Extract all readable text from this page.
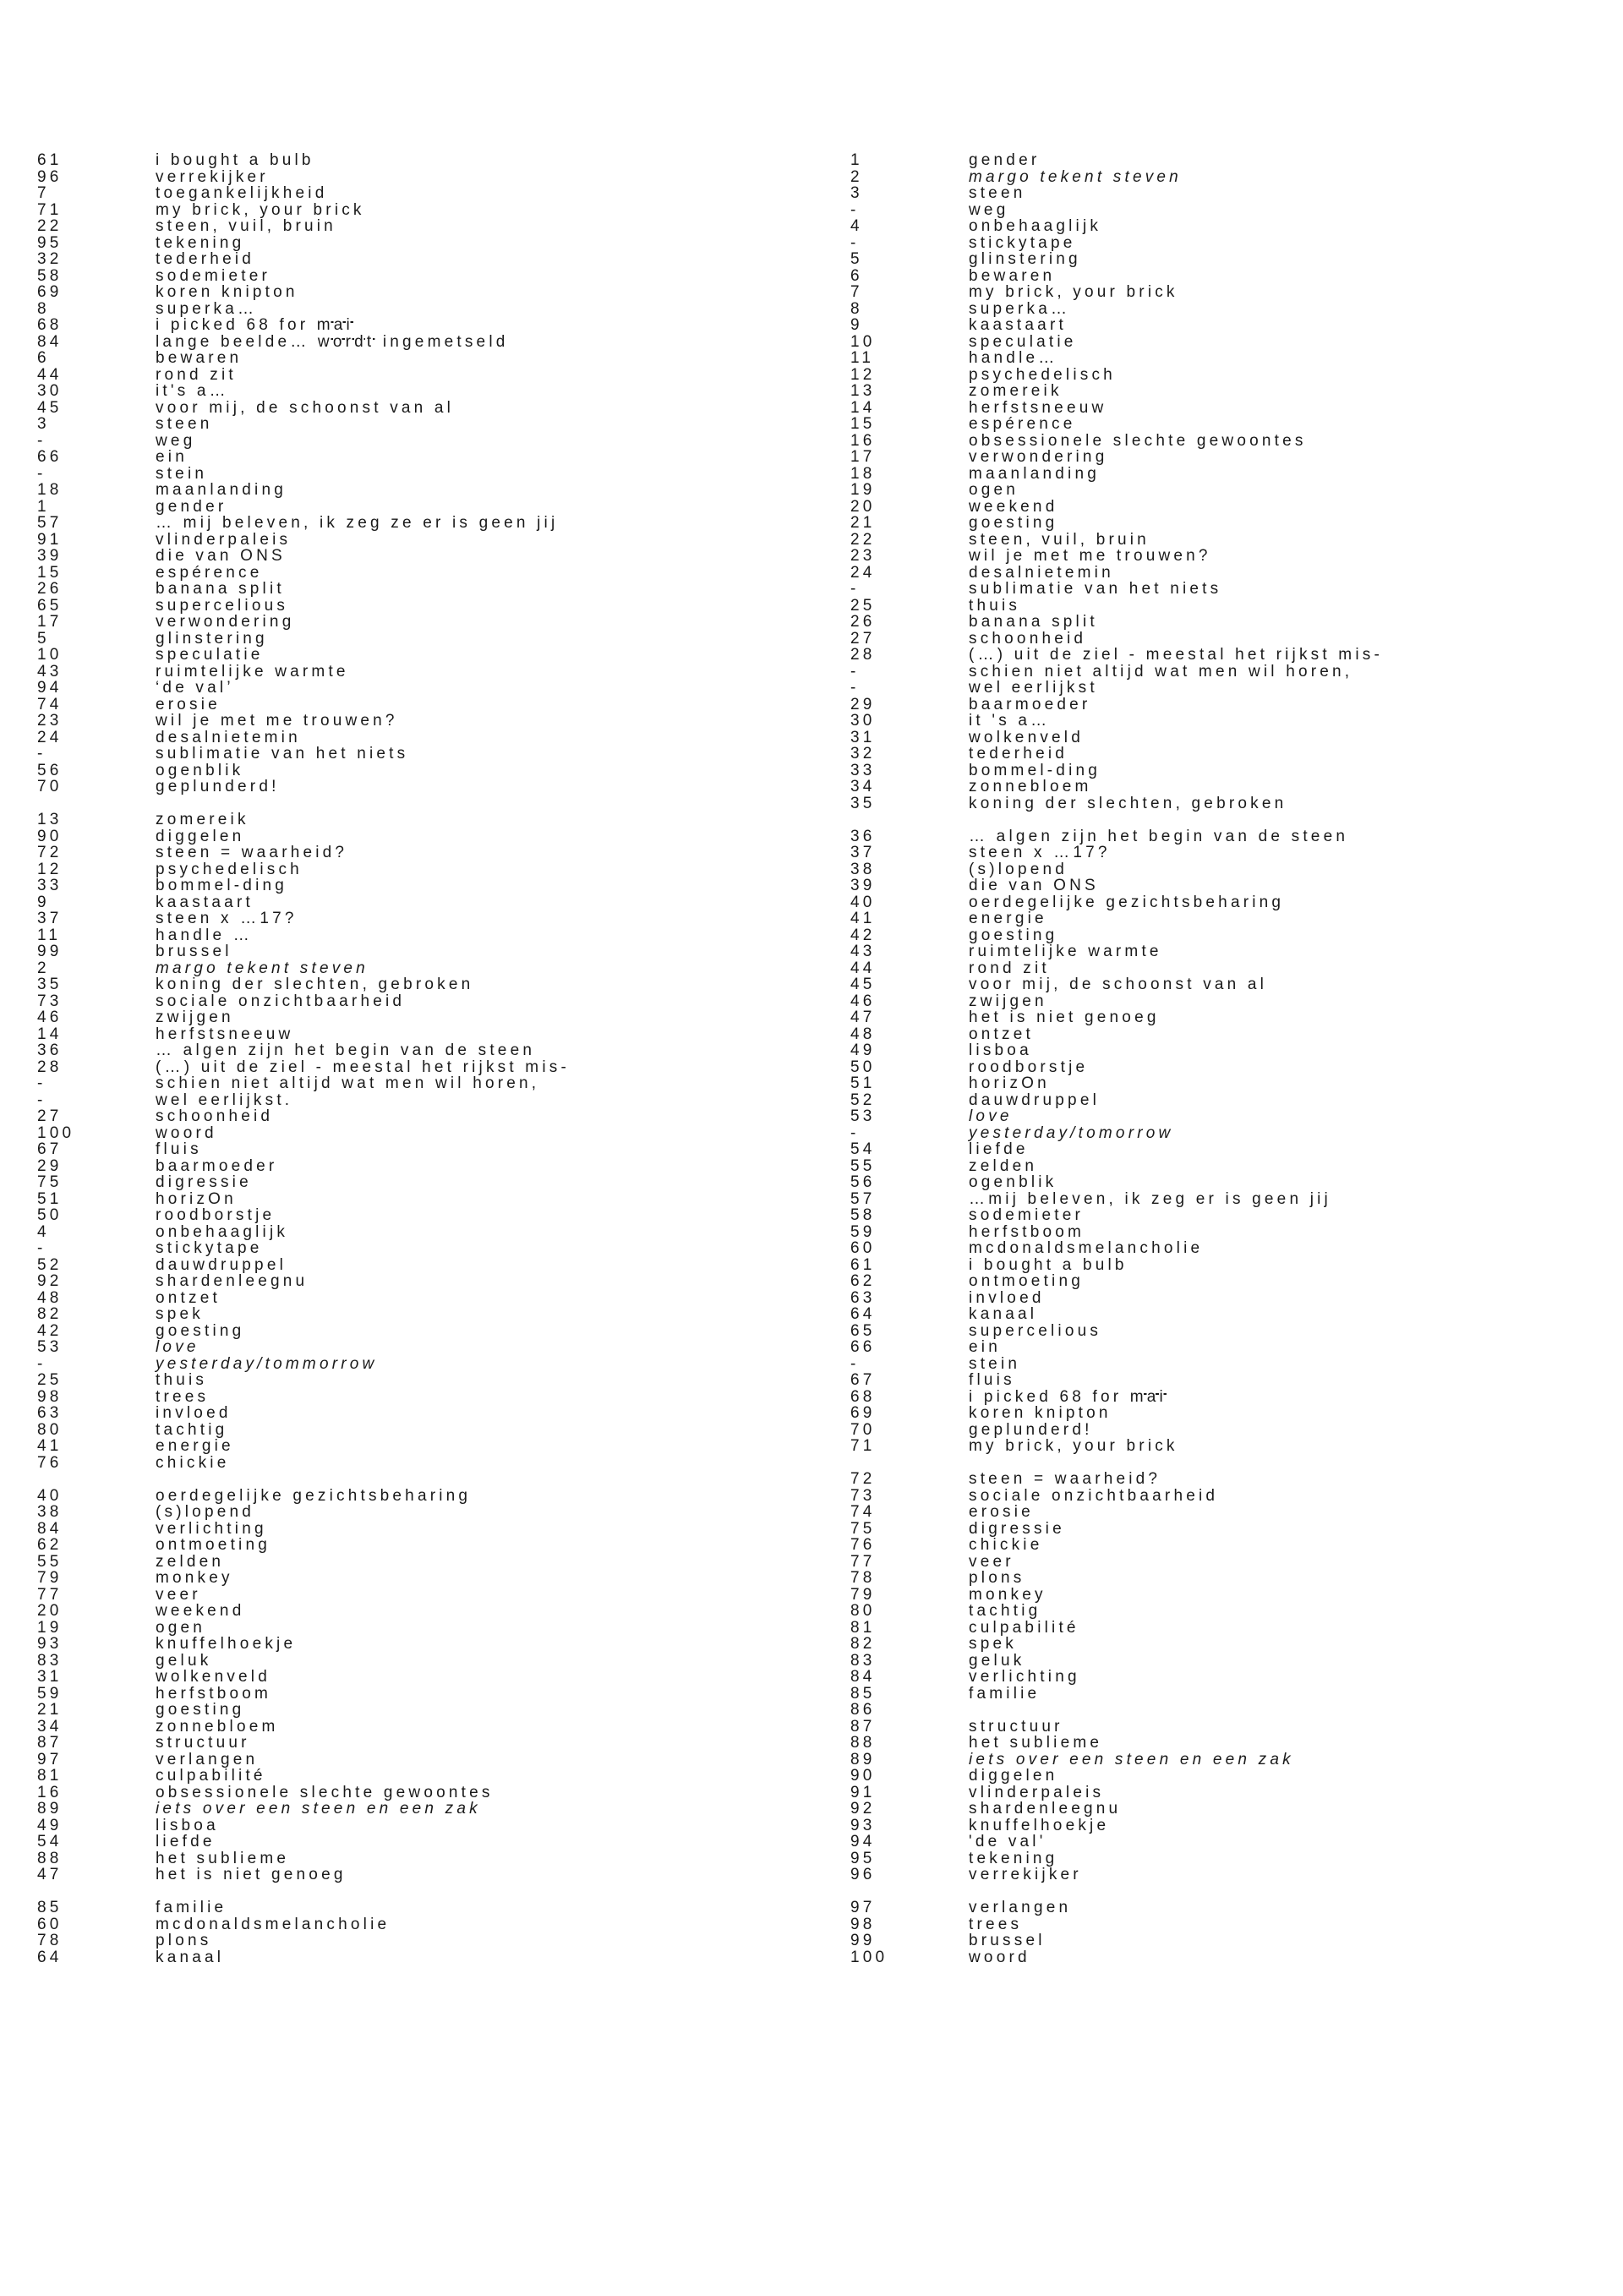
61	i bought a bulb
96	verrekijker
7	toegankelijkheid
71	my brick, your brick
22	steen, vuil, bruin
95	tekening
32	tederheid
58	sodemieter
69	koren knipton
8	superka…
68	i picked 68 for mai
84	lange beelde… wordt ingemetseld
6	bewaren
44	rond zit
30	it's a…
45	voor mij, de schoonst van al
3	steen
-	weg
66	ein
-	stein
18	maanlanding
1	gender
57	… mij beleven, ik zeg ze er is geen jij
91	vlinderpaleis
39	die van ONS
15	espérence
26	banana split
65	supercelious
17	verwondering
5	glinstering
10	speculatie
43	ruimtelijke warmte
94	‘de val’
74	erosie
23	wil je met me trouwen?
24	desalnietemin
-	sublimatie van het niets
56	ogenblik
70	geplunderd!
13	zomereik
90	diggelen
72	steen = waarheid?
12	psychedelisch
33	bommel-ding
9	kaastaart
37	steen x …17?
11	handle …
99	brussel
2	margo tekent steven
35	koning der slechten, gebroken
73	sociale onzichtbaarheid
46	zwijgen
14	herfstsneeuw
36	… algen zijn het begin van de steen
28	(…) uit de ziel - meestal het rijkst mis-
-	schien niet altijd wat men wil horen,
-	wel eerlijkst.
27	schoonheid
100	woord
67	fluis
29	baarmoeder
75	digressie
51	horizOn
50	roodborstje
4	onbehaaglijk
-	stickytape
52	dauwdruppel
92	shardenleegnu
48	ontzet
82	spek
42	goesting
53	love
-	yesterday/tommorrow
25	thuis
98	trees
63	invloed
80	tachtig
41	energie
76	chickie
40	oerdegelijke gezichtsbeharing
38	(s)lopend
84	verlichting
62	ontmoeting
55	zelden
79	monkey
77	veer
20	weekend
19	ogen
93	knuffelhoekje
83	geluk
31	wolkenveld
59	herfstboom
21	goesting
34	zonnebloem
87	structuur
97	verlangen
81	culpabilité
16	obsessionele slechte gewoontes
89	iets over een steen en een zak
49	lisboa
54	liefde
88	het sublieme
47	het is niet genoeg
85	familie
60	mcdonaldsmelancholie
78	plons
64	kanaal
1	gender
2	margo tekent steven
3	steen
-	weg
4	onbehaaglijk
-	stickytape
5	glinstering
6	bewaren
7	my brick, your brick
8	superka…
9	kaastaart
10	speculatie
11	handle…
12	psychedelisch
13	zomereik
14	herfstsneeuw
15	espérence
16	obsessionele slechte gewoontes
17	verwondering
18	maanlanding
19	ogen
20	weekend
21	goesting
22	steen, vuil, bruin
23	wil je met me trouwen?
24	desalnietemin
-	sublimatie van het niets
25	thuis
26	banana split
27	schoonheid
28	(…) uit de ziel - meestal het rijkst mis-
-	schien niet altijd wat men wil horen,
-	wel eerlijkst
29	baarmoeder
30	it 's a…
31	wolkenveld
32	tederheid
33	bommel-ding
34	zonnebloem
35	koning der slechten, gebroken
36	… algen zijn het begin van de steen
37	steen x …17?
38	(s)lopend
39	die van ONS
40	oerdegelijke gezichtsbeharing
41	energie
42	goesting
43	ruimtelijke warmte
44	rond zit
45	voor mij, de schoonst van al
46	zwijgen
47	het is niet genoeg
48	ontzet
49	lisboa
50	roodborstje
51	horizOn
52	dauwdruppel
53	love
-	yesterday/tomorrow
54	liefde
55	zelden
56	ogenblik
57	…mij beleven, ik zeg er is geen jij
58	sodemieter
59	herfstboom
60	mcdonaldsmelancholie
61	i bought a bulb
62	ontmoeting
63	invloed
64	kanaal
65	supercelious
66	ein
-	stein
67	fluis
68	i picked 68 for mai
69	koren knipton
70	geplunderd!
71	my brick, your brick
72	steen = waarheid?
73	sociale onzichtbaarheid
74	erosie
75	digressie
76	chickie
77	veer
78	plons
79	monkey
80	tachtig
81	culpabilité
82	spek
83	geluk
84	verlichting
85	familie
86
87	structuur
88	het sublieme
89	iets over een steen en een zak
90	diggelen
91	vlinderpaleis
92	shardenleegnu
93	knuffelhoekje
94	'de val'
95	tekening
96	verrekijker
97	verlangen
98	trees
99	brussel
100	woord
